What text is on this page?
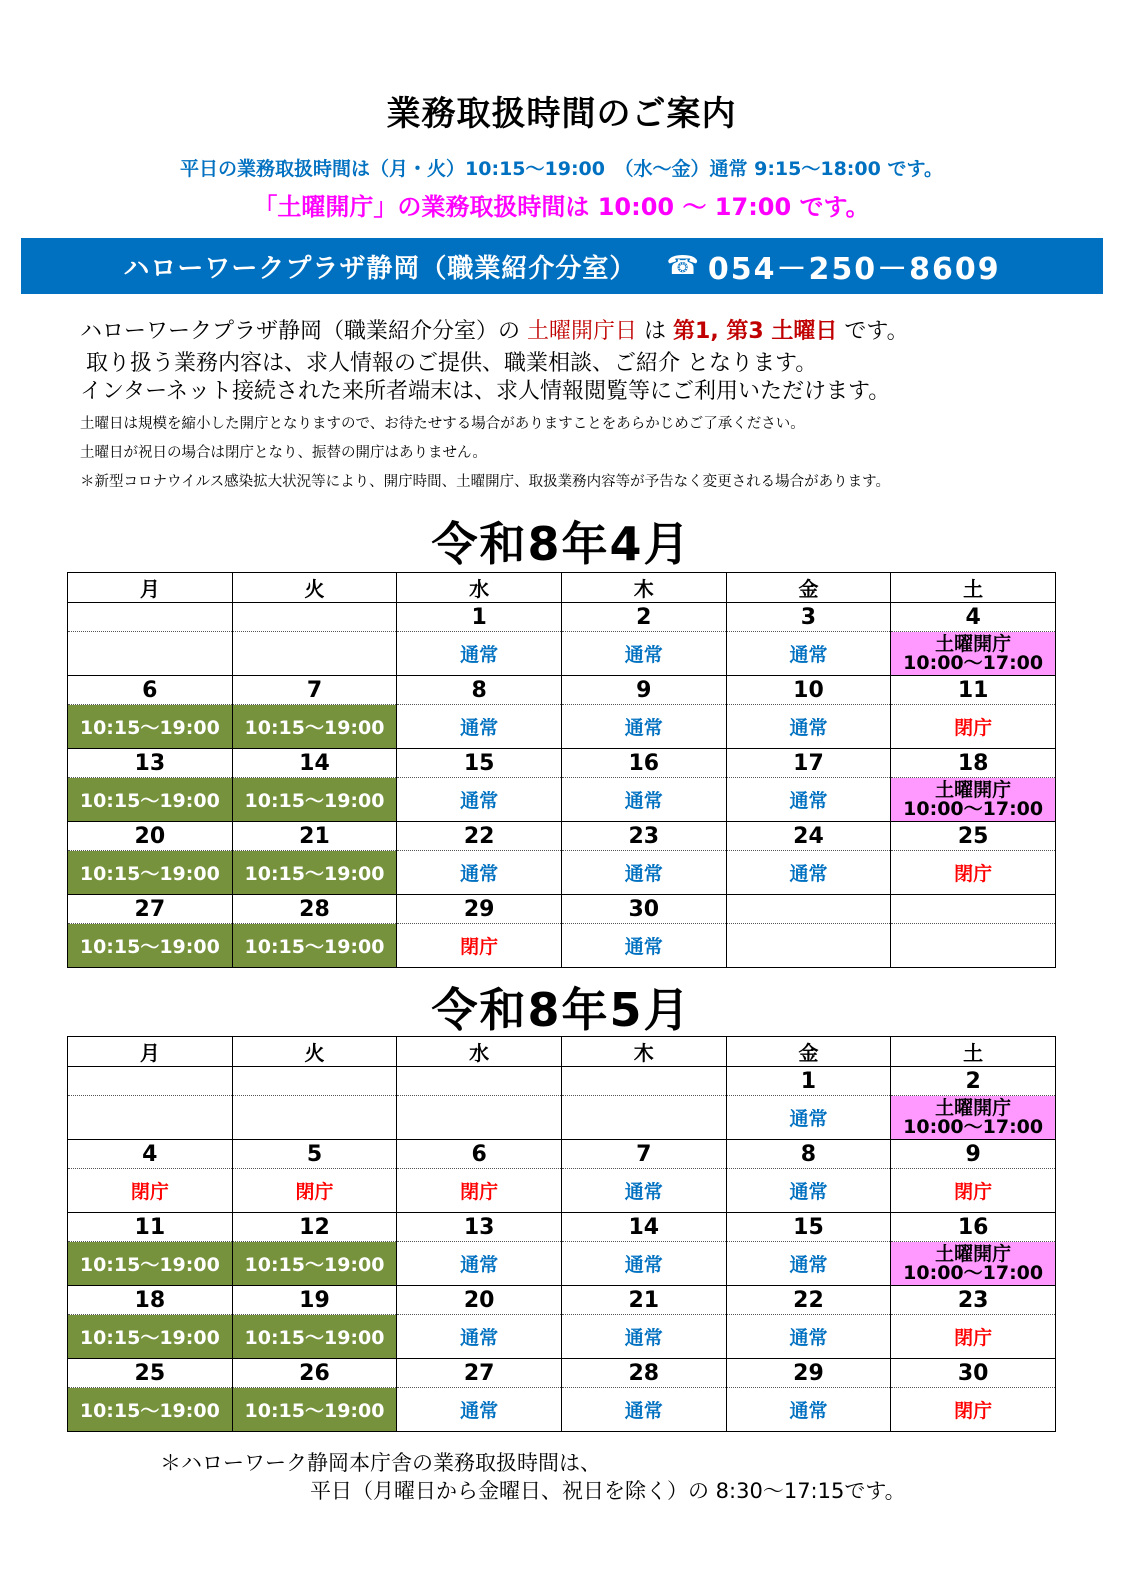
業務取扱時間のご案内
平日の業務取扱時間は（月・火）10:15～19:00　（水～金）通常 9:15～18:00 です。
「土曜開庁」の業務取扱時間は 10:00 ～ 17:00 です。
ハローワークプラザ静岡（職業紹介分室） ☎ 054－250－8609
ハローワークプラザ静岡（職業紹介分室）の 土曜開庁日 は 第1, 第3 土曜日 です。
取り扱う業務内容は、求人情報のご提供、職業相談、ご紹介 となります。
インターネット接続された来所者端末は、求人情報閲覧等にご利用いただけます。
土曜日は規模を縮小した開庁となりますので、お待たせする場合がありますことをあらかじめご了承ください。
土曜日が祝日の場合は閉庁となり、振替の開庁はありません。
＊新型コロナウイルス感染拡大状況等により、開庁時間、土曜開庁、取扱業務内容等が予告なく変更される場合があります。
令和8年4月
月	火	水	木	金	土
		1	2	3	4
		通常	通常	通常	土曜開庁
10:00～17:00

6	7	8	9	10	11
10:15～19:00	10:15～19:00	通常	通常	通常	閉庁
13	14	15	16	17	18
10:15～19:00	10:15～19:00	通常	通常	通常	土曜開庁
10:00～17:00

20	21	22	23	24	25
10:15～19:00	10:15～19:00	通常	通常	通常	閉庁
27	28	29	30		
10:15～19:00	10:15～19:00	閉庁	通常		
令和8年5月
月	火	水	木	金	土
				1	2
				通常	土曜開庁
10:00～17:00

4	5	6	7	8	9
閉庁	閉庁	閉庁	通常	通常	閉庁
11	12	13	14	15	16
10:15～19:00	10:15～19:00	通常	通常	通常	土曜開庁
10:00～17:00

18	19	20	21	22	23
10:15～19:00	10:15～19:00	通常	通常	通常	閉庁
25	26	27	28	29	30
10:15～19:00	10:15～19:00	通常	通常	通常	閉庁
＊ハローワーク静岡本庁舎の業務取扱時間は、
平日（月曜日から金曜日、祝日を除く）の 8:30～17:15です。
